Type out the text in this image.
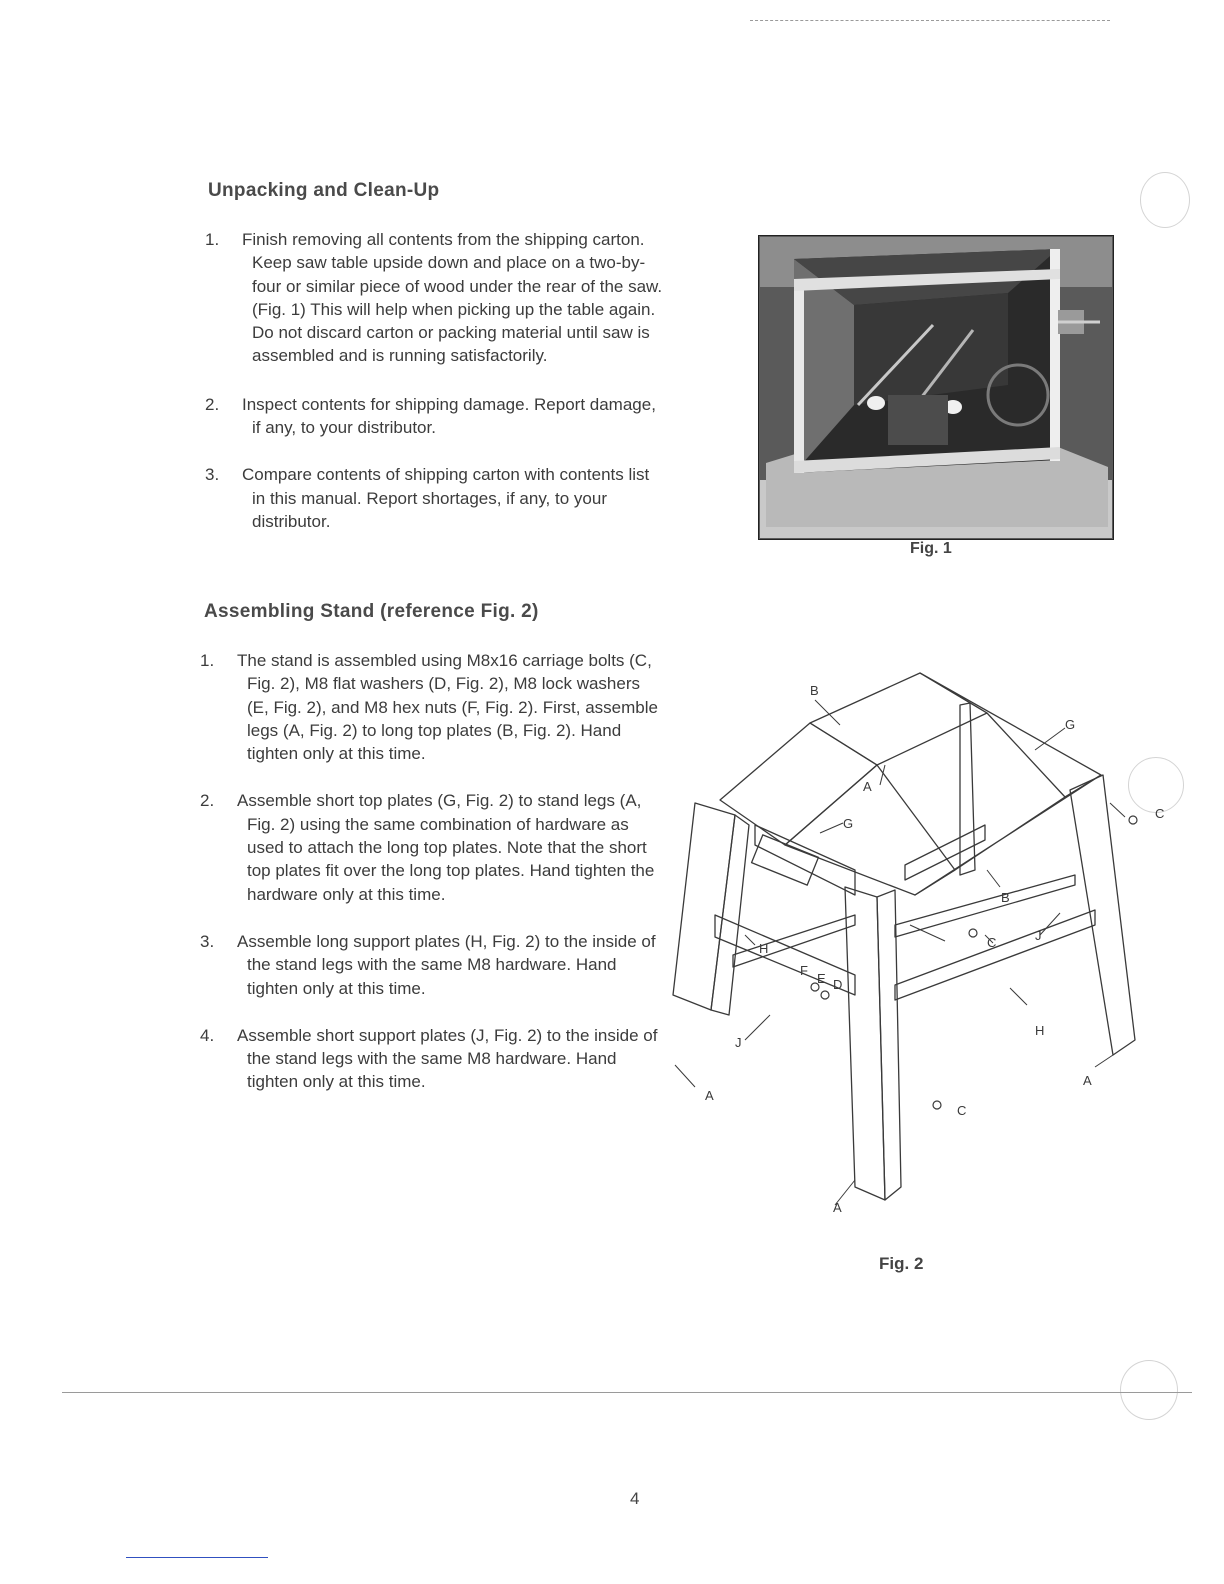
Unpacking and Clean-Up
1. Finish removing all contents from the shipping carton. Keep saw table upside down and place on a two-by-four or similar piece of wood under the rear of the saw. (Fig. 1) This will help when picking up the table again. Do not discard carton or packing material until saw is assembled and is running satisfactorily.
2. Inspect contents for shipping damage. Report damage, if any, to your distributor.
3. Compare contents of shipping carton with contents list in this manual. Report shortages, if any, to your distributor.
Fig. 1
Assembling Stand (reference Fig. 2)
1. The stand is assembled using M8x16 carriage bolts (C, Fig. 2), M8 flat washers (D, Fig. 2), M8 lock washers (E, Fig. 2), and M8 hex nuts (F, Fig. 2). First, assemble legs (A, Fig. 2) to long top plates (B, Fig. 2). Hand tighten only at this time.
2. Assemble short top plates (G, Fig. 2) to stand legs (A, Fig. 2) using the same combination of hardware as used to attach the long top plates. Note that the short top plates fit over the long top plates. Hand tighten the hardware only at this time.
3. Assemble long support plates (H, Fig. 2) to the inside of the stand legs with the same M8 hardware. Hand tighten only at this time.
4. Assemble short support plates (J, Fig. 2) to the inside of the stand legs with the same M8 hardware. Hand tighten only at this time.
B
G
A
G
B
J
C
H
F
E D
H
J
A
A
C
A
C
Fig. 2
4
